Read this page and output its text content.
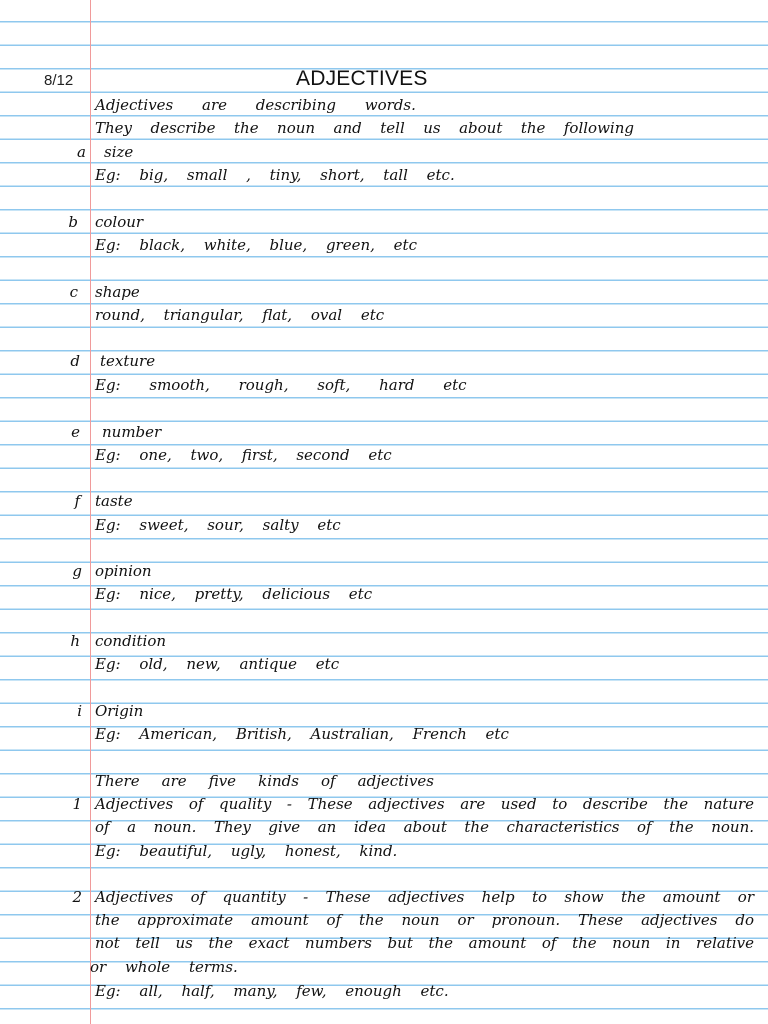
8/12	ADJECTIVES
Adjectives are describing words.
They describe the noun and tell us about the following
a size
Eg: big, small , tiny, short, tall etc.
b colour
Eg: black, white, blue, green, etc
c shape
round, triangular, flat, oval etc
d texture
Eg: smooth, rough, soft, hard etc
e number
Eg: one, two, first, second etc
f taste
Eg: sweet, sour, salty etc
g opinion
Eg: nice, pretty, delicious etc
h condition
Eg: old, new, antique etc
i Origin
Eg: American, British, Australian, French etc
There are five kinds of adjectives
1 Adjectives of quality - These adjectives are used to describe the nature
of a noun. They give an idea about the characteristics of the noun.
Eg: beautiful, ugly, honest, kind.
2 Adjectives of quantity - These adjectives help to show the amount or
the approximate amount of the noun or pronoun. These adjectives do
not tell us the exact numbers but the amount of the noun in relative
or whole terms.
Eg: all, half, many, few, enough etc.
